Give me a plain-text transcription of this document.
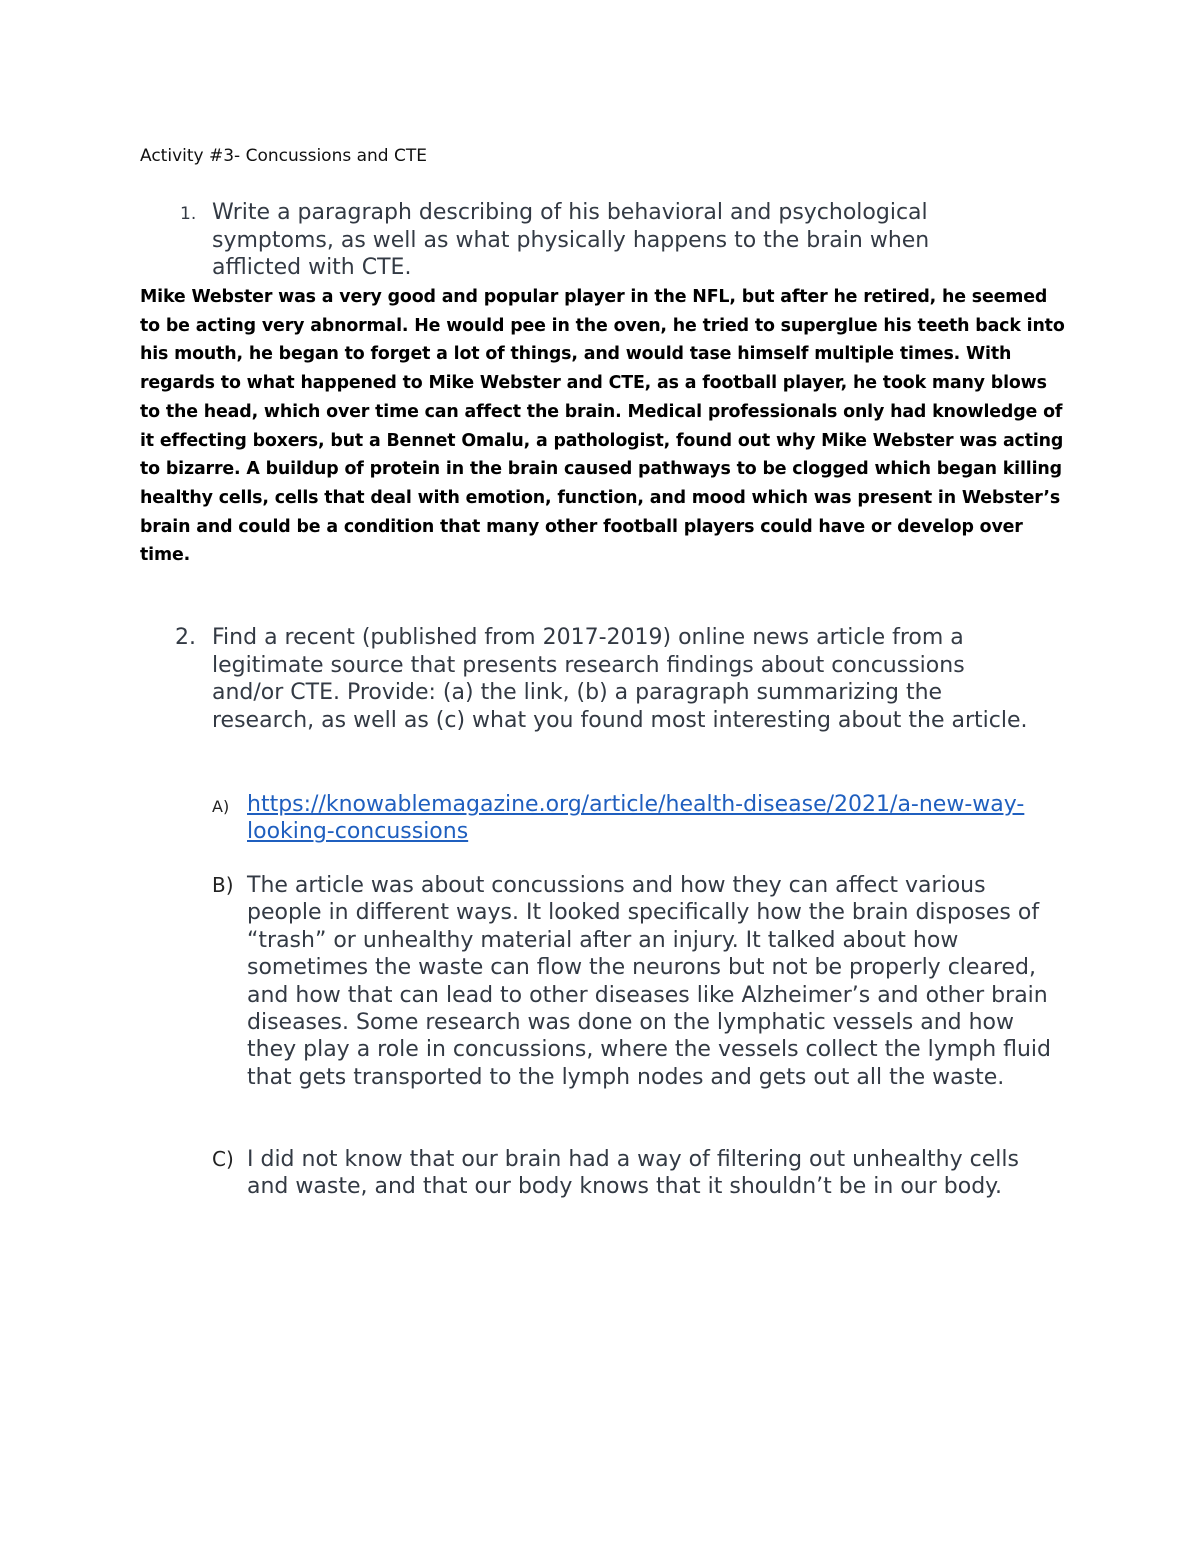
Activity #3- Concussions and CTE
1. Write a paragraph describing of his behavioral and psychological symptoms, as well as what physically happens to the brain when afflicted with CTE.
Mike Webster was a very good and popular player in the NFL, but after he retired, he seemed to be acting very abnormal. He would pee in the oven, he tried to superglue his teeth back into his mouth, he began to forget a lot of things, and would tase himself multiple times. With regards to what happened to Mike Webster and CTE, as a football player, he took many blows to the head, which over time can affect the brain. Medical professionals only had knowledge of it effecting boxers, but a Bennet Omalu, a pathologist, found out why Mike Webster was acting to bizarre. A buildup of protein in the brain caused pathways to be clogged which began killing healthy cells, cells that deal with emotion, function, and mood which was present in Webster’s brain and could be a condition that many other football players could have or develop over time.
2. Find a recent (published from 2017-2019) online news article from a legitimate source that presents research findings about concussions and/or CTE. Provide: (a) the link, (b) a paragraph summarizing the research, as well as (c) what you found most interesting about the article.
A) https://knowablemagazine.org/article/health-disease/2021/a-new-way-looking-concussions
B) The article was about concussions and how they can affect various people in different ways. It looked specifically how the brain disposes of “trash” or unhealthy material after an injury. It talked about how sometimes the waste can flow the neurons but not be properly cleared, and how that can lead to other diseases like Alzheimer’s and other brain diseases. Some research was done on the lymphatic vessels and how they play a role in concussions, where the vessels collect the lymph fluid that gets transported to the lymph nodes and gets out all the waste.
C) I did not know that our brain had a way of filtering out unhealthy cells and waste, and that our body knows that it shouldn’t be in our body.
